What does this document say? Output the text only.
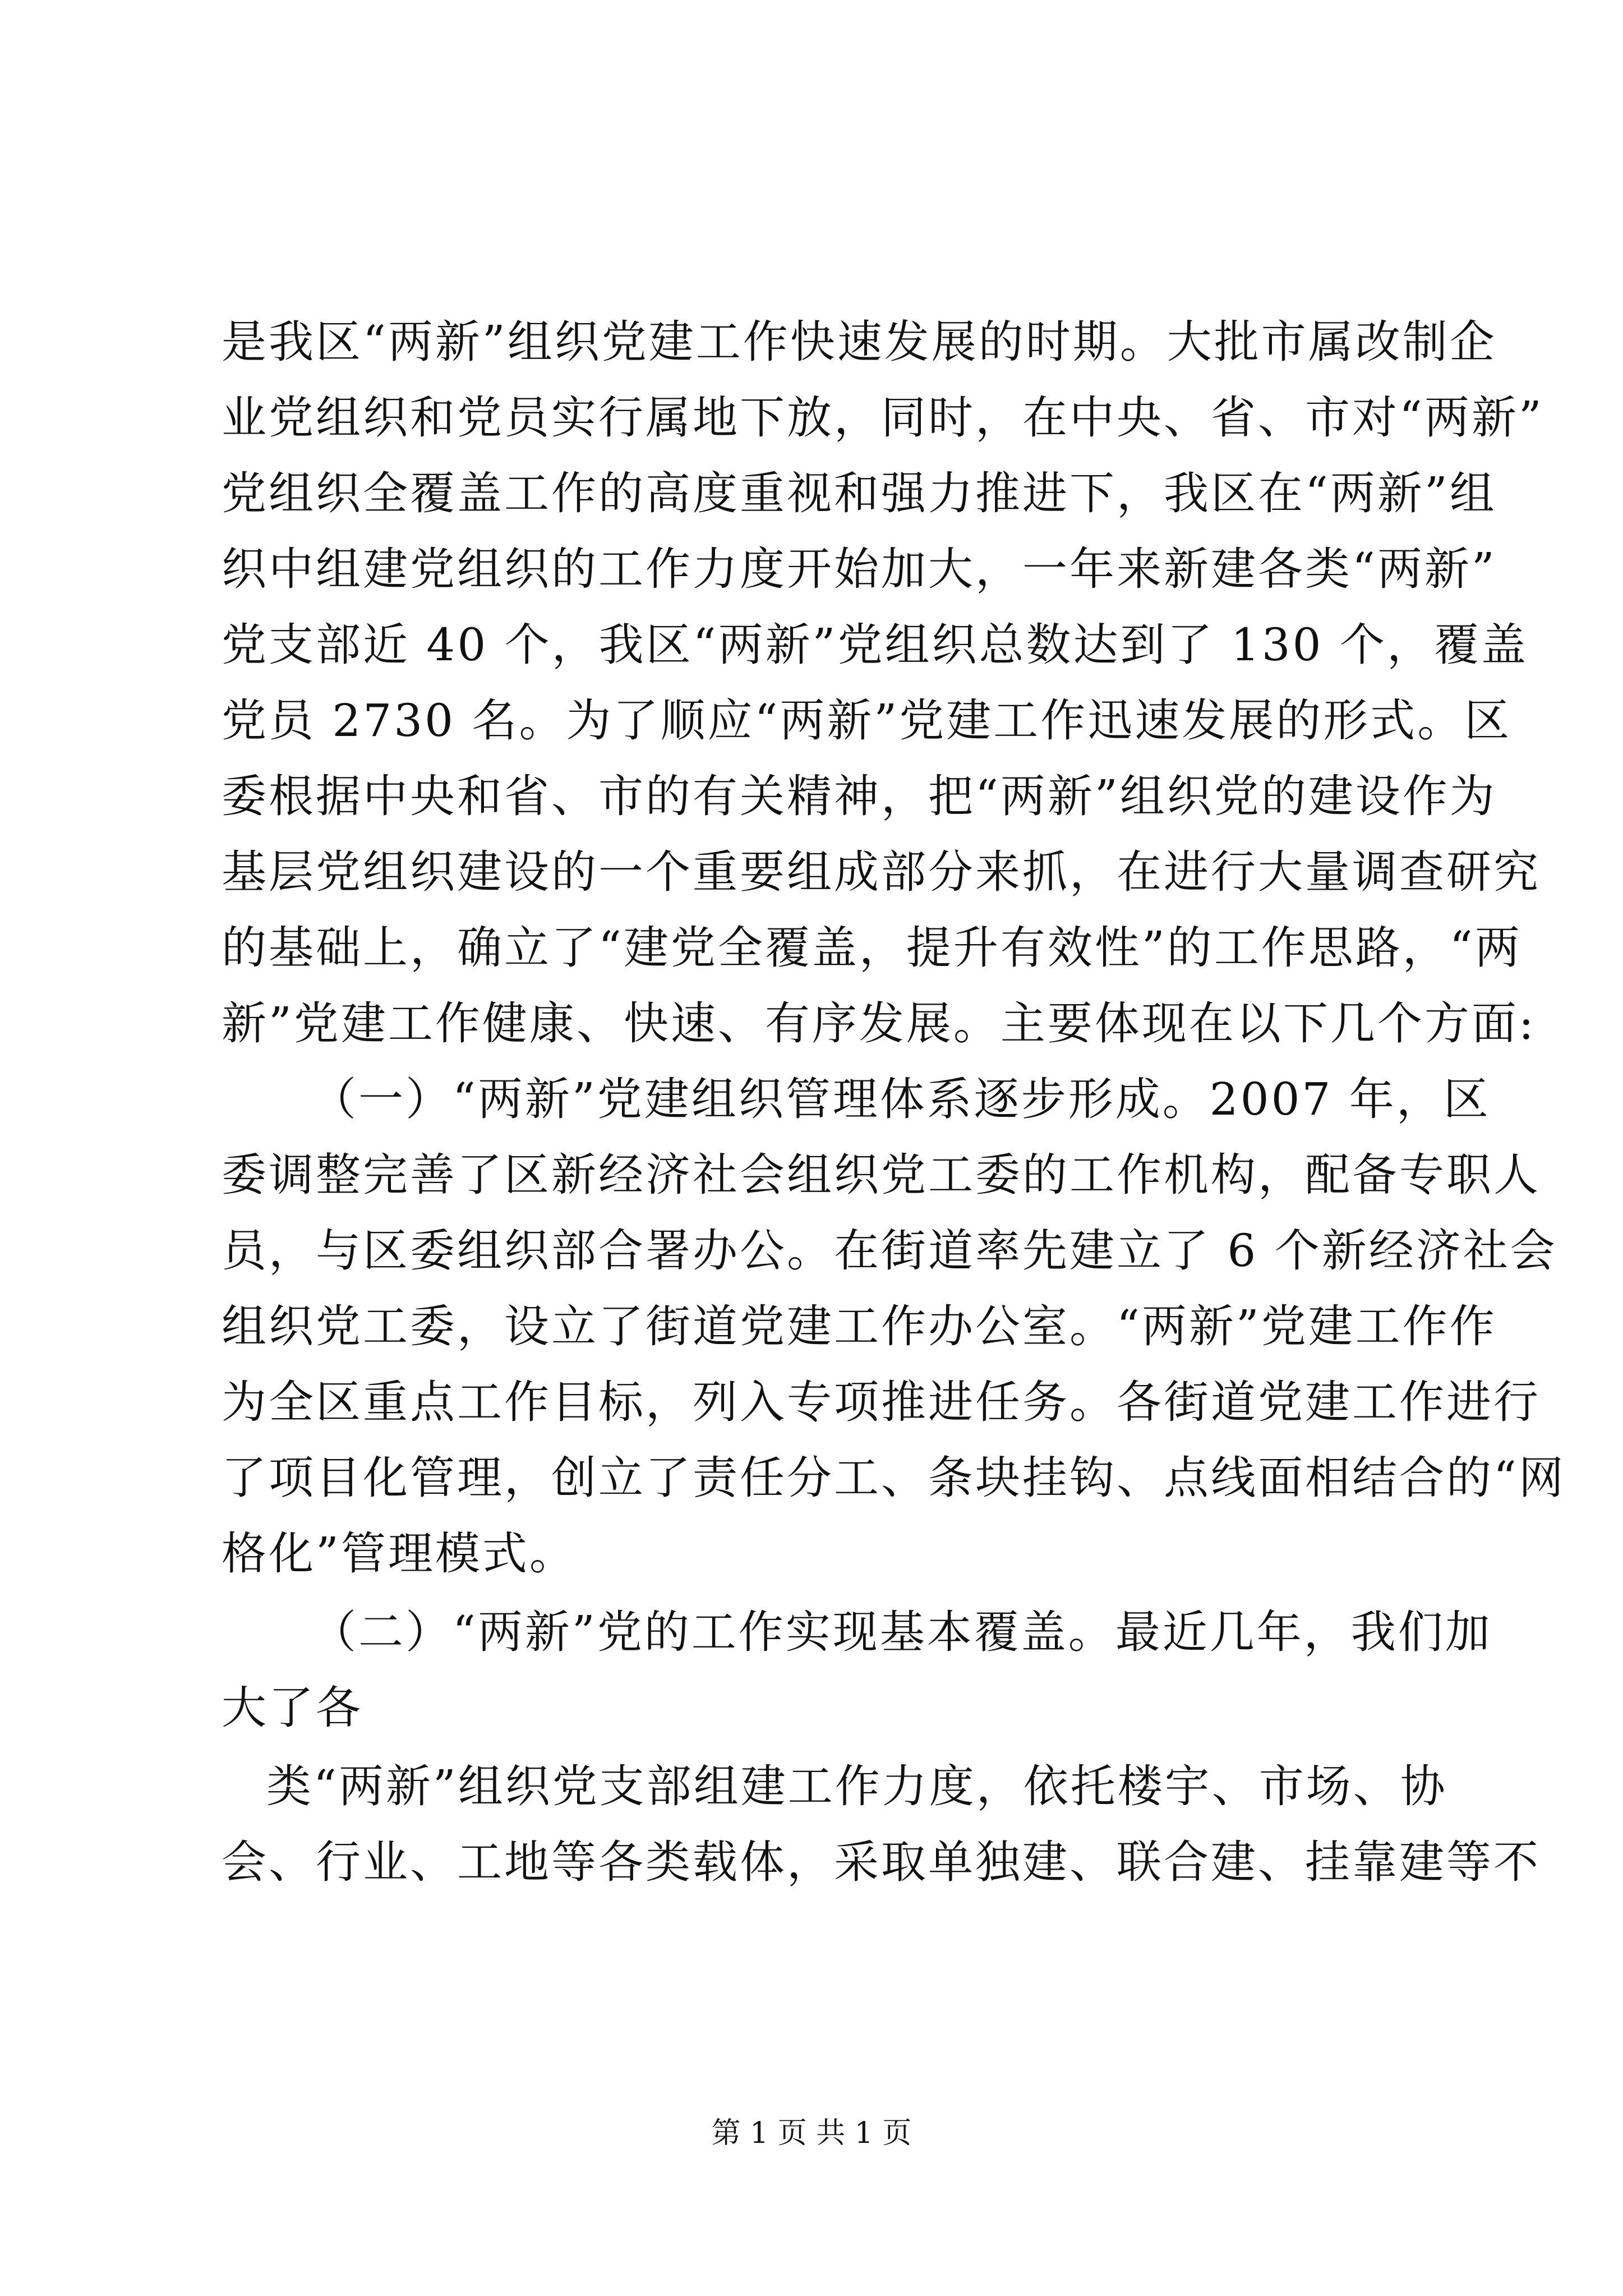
是我区“两新”组织党建工作快速发展的时期。大批市属改制企
业党组织和党员实行属地下放，同时，在中央、省、市对“两新”
党组织全覆盖工作的高度重视和强力推进下，我区在“两新”组
织中组建党组织的工作力度开始加大，一年来新建各类“两新”
党支部近 40 个，我区“两新”党组织总数达到了 130 个，覆盖
党员 2730 名。为了顺应“两新”党建工作迅速发展的形式。区
委根据中央和省、市的有关精神，把“两新”组织党的建设作为
基层党组织建设的一个重要组成部分来抓，在进行大量调查研究
的基础上，确立了“建党全覆盖，提升有效性”的工作思路，“两
新”党建工作健康、快速、有序发展。主要体现在以下几个方面:
（一）“两新”党建组织管理体系逐步形成。2007 年，区
委调整完善了区新经济社会组织党工委的工作机构，配备专职人
员，与区委组织部合署办公。在街道率先建立了 6 个新经济社会
组织党工委，设立了街道党建工作办公室。“两新”党建工作作
为全区重点工作目标，列入专项推进任务。各街道党建工作进行
了项目化管理，创立了责任分工、条块挂钩、点线面相结合的“网
格化”管理模式。
（二）“两新”党的工作实现基本覆盖。最近几年，我们加
大了各
类“两新”组织党支部组建工作力度，依托楼宇、市场、协
会、行业、工地等各类载体，采取单独建、联合建、挂靠建等不
第 1 页 共 1 页
